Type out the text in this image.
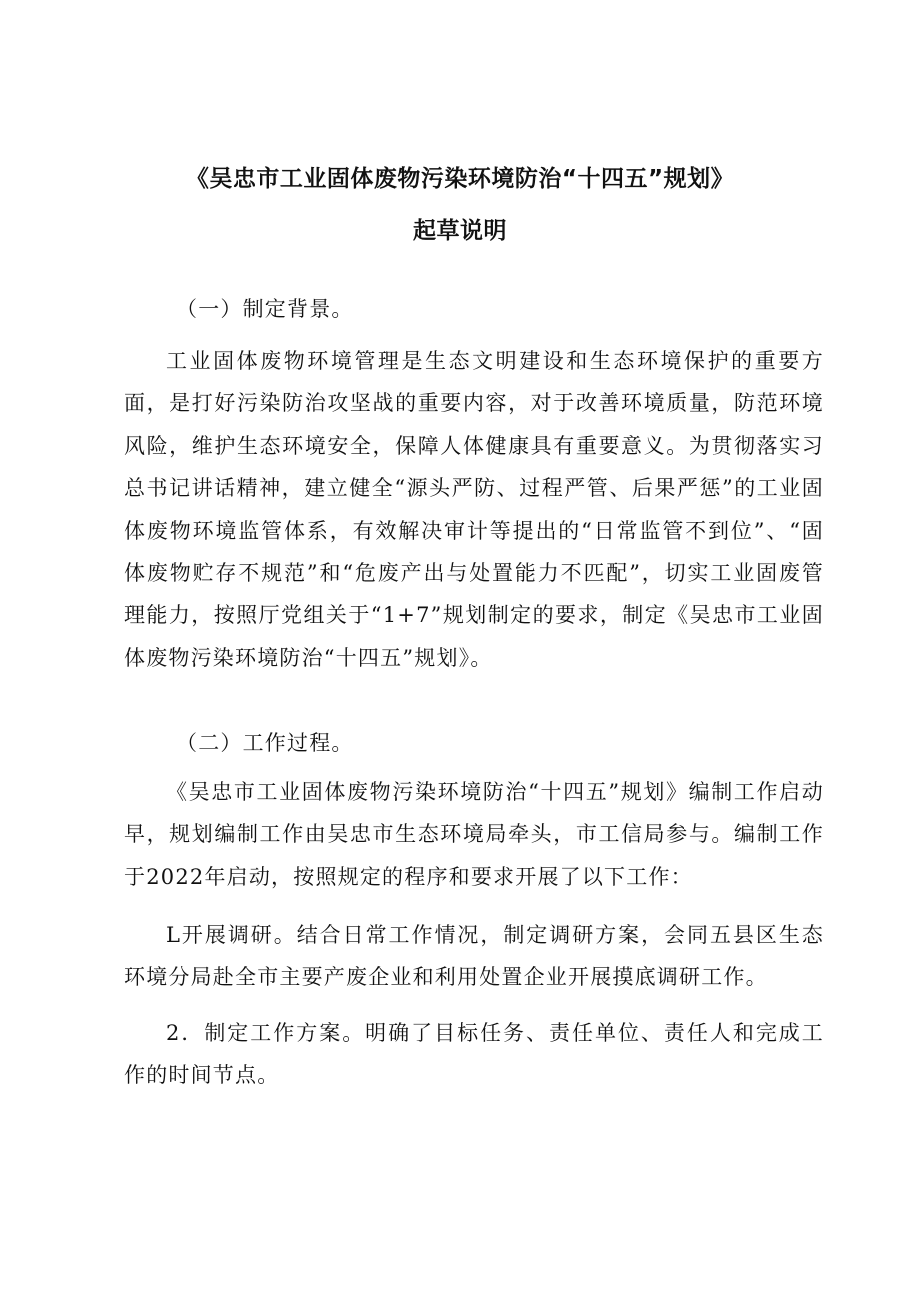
《吴忠市工业固体废物污染环境防治“十四五”规划》
起草说明
（一）制定背景。

工业固体废物环境管理是生态文明建设和生态环境保护的重要方面，是打好污染防治攻坚战的重要内容，对于改善环境质量，防范环境风险，维护生态环境安全，保障人体健康具有重要意义。为贯彻落实习总书记讲话精神，建立健全“源头严防、过程严管、后果严惩”的工业固体废物环境监管体系，有效解决审计等提出的“日常监管不到位”、“固体废物贮存不规范”和“危废产出与处置能力不匹配”，切实工业固废管理能力，按照厅党组关于“1+7”规划制定的要求，制定《吴忠市工业固体废物污染环境防治“十四五”规划》。

（二）工作过程。

《吴忠市工业固体废物污染环境防治“十四五”规划》编制工作启动早，规划编制工作由吴忠市生态环境局牵头，市工信局参与。编制工作于2022年启动，按照规定的程序和要求开展了以下工作：

L开展调研。结合日常工作情况，制定调研方案，会同五县区生态环境分局赴全市主要产废企业和利用处置企业开展摸底调研工作。

2．制定工作方案。明确了目标任务、责任单位、责任人和完成工作的时间节点。
